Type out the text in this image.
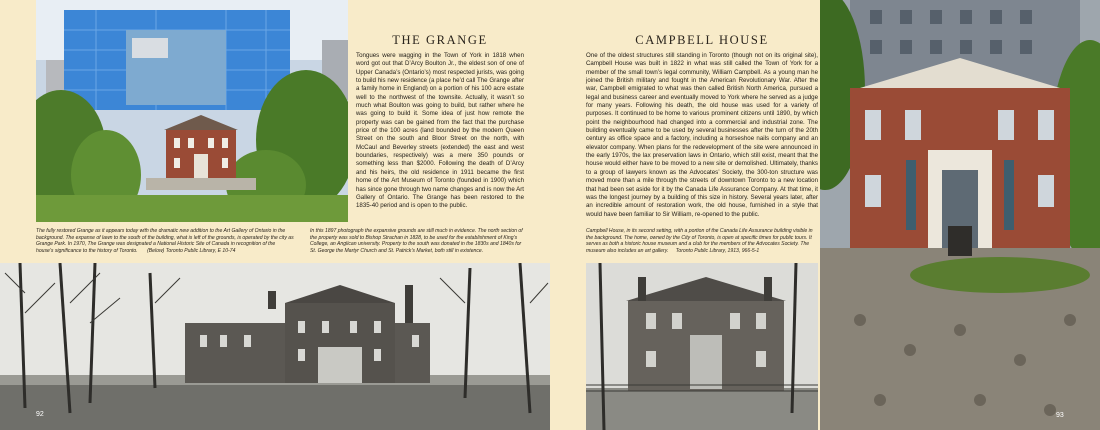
THE GRANGE
Tongues were wagging in the Town of York in 1818 when word got out that D’Arcy Boulton Jr., the eldest son of one of Upper Canada’s (Ontario’s) most respected jurists, was going to build his new residence (a place he’d call The Grange after a family home in England) on a portion of his 100 acre estate well to the northwest of the townsite. Actually, it wasn’t so much what Boulton was going to build, but rather where he was going to build it. Some idea of just how remote the property was can be gained from the fact that the purchase price of the 100 acres (land bounded by the modern Queen Street on the south and Bloor Street on the north, with McCaul and Beverley streets (extended) the east and west boundaries, respectively) was a mere 350 pounds or something less than $2000. Following the death of D’Arcy and his heirs, the old residence in 1911 became the first home of the Art Museum of Toronto (founded in 1900) which has since gone through two name changes and is now the Art Gallery of Ontario. The Grange has been restored to the 1835-40 period and is open to the public.
The fully restored Grange as it appears today with the dramatic new addition to the Art Gallery of Ontario in the background. The expanse of lawn to the south of the building, what is left of the grounds, is operated by the city as Grange Park. In 1970, The Grange was designated a National Historic Site of Canada in recognition of the house’s significance to the history of Toronto. (Below) Toronto Public Library, E 10-74
In this 1897 photograph the expansive grounds are still much in evidence. The north section of the property was sold to Bishop Strachan in 1828, to be used for the establishment of King’s College, an Anglican university. Property to the south was donated in the 1830s and 1840s for St. George the Martyr Church and St. Patrick’s Market, both still in existence.
92
CAMPBELL HOUSE
One of the oldest structures still standing in Toronto (though not on its original site), Campbell House was built in 1822 in what was still called the Town of York for a member of the small town’s legal community, William Campbell. As a young man he joined the British military and fought in the American Revolutionary War. After the war, Campbell emigrated to what was then called British North America, pursued a legal and business career and eventually moved to York where he served as a judge for many years. Following his death, the old house was used for a variety of purposes. It continued to be home to various prominent citizens until 1890, by which point the neighbourhood had changed into a commercial and industrial zone. The building eventually came to be used by several businesses after the turn of the 20th century as office space and a factory, including a horseshoe nails company and an elevator company. When plans for the redevelopment of the site were announced in the early 1970s, the lax preservation laws in Ontario, which still exist, meant that the house would either have to be moved to a new site or demolished. Ultimately, thanks to a group of lawyers known as the Advocates’ Society, the 300-ton structure was moved more than a mile through the streets of downtown Toronto to a new location that had been set aside for it by the Canada Life Assurance Company. At that time, it was the longest journey by a building of this size in history. Several years later, after an incredible amount of restoration work, the old house, furnished in a style that would have been familiar to Sir William, re-opened to the public.
Campbell House, in its second setting, with a portion of the Canada Life Assurance building visible in the background. The home, owned by the City of Toronto, is open at specific times for public tours. It serves as both a historic house museum and a club for the members of the Advocates Society. The museum also includes an art gallery. Toronto Public Library, 1913, 966-5-1
93
